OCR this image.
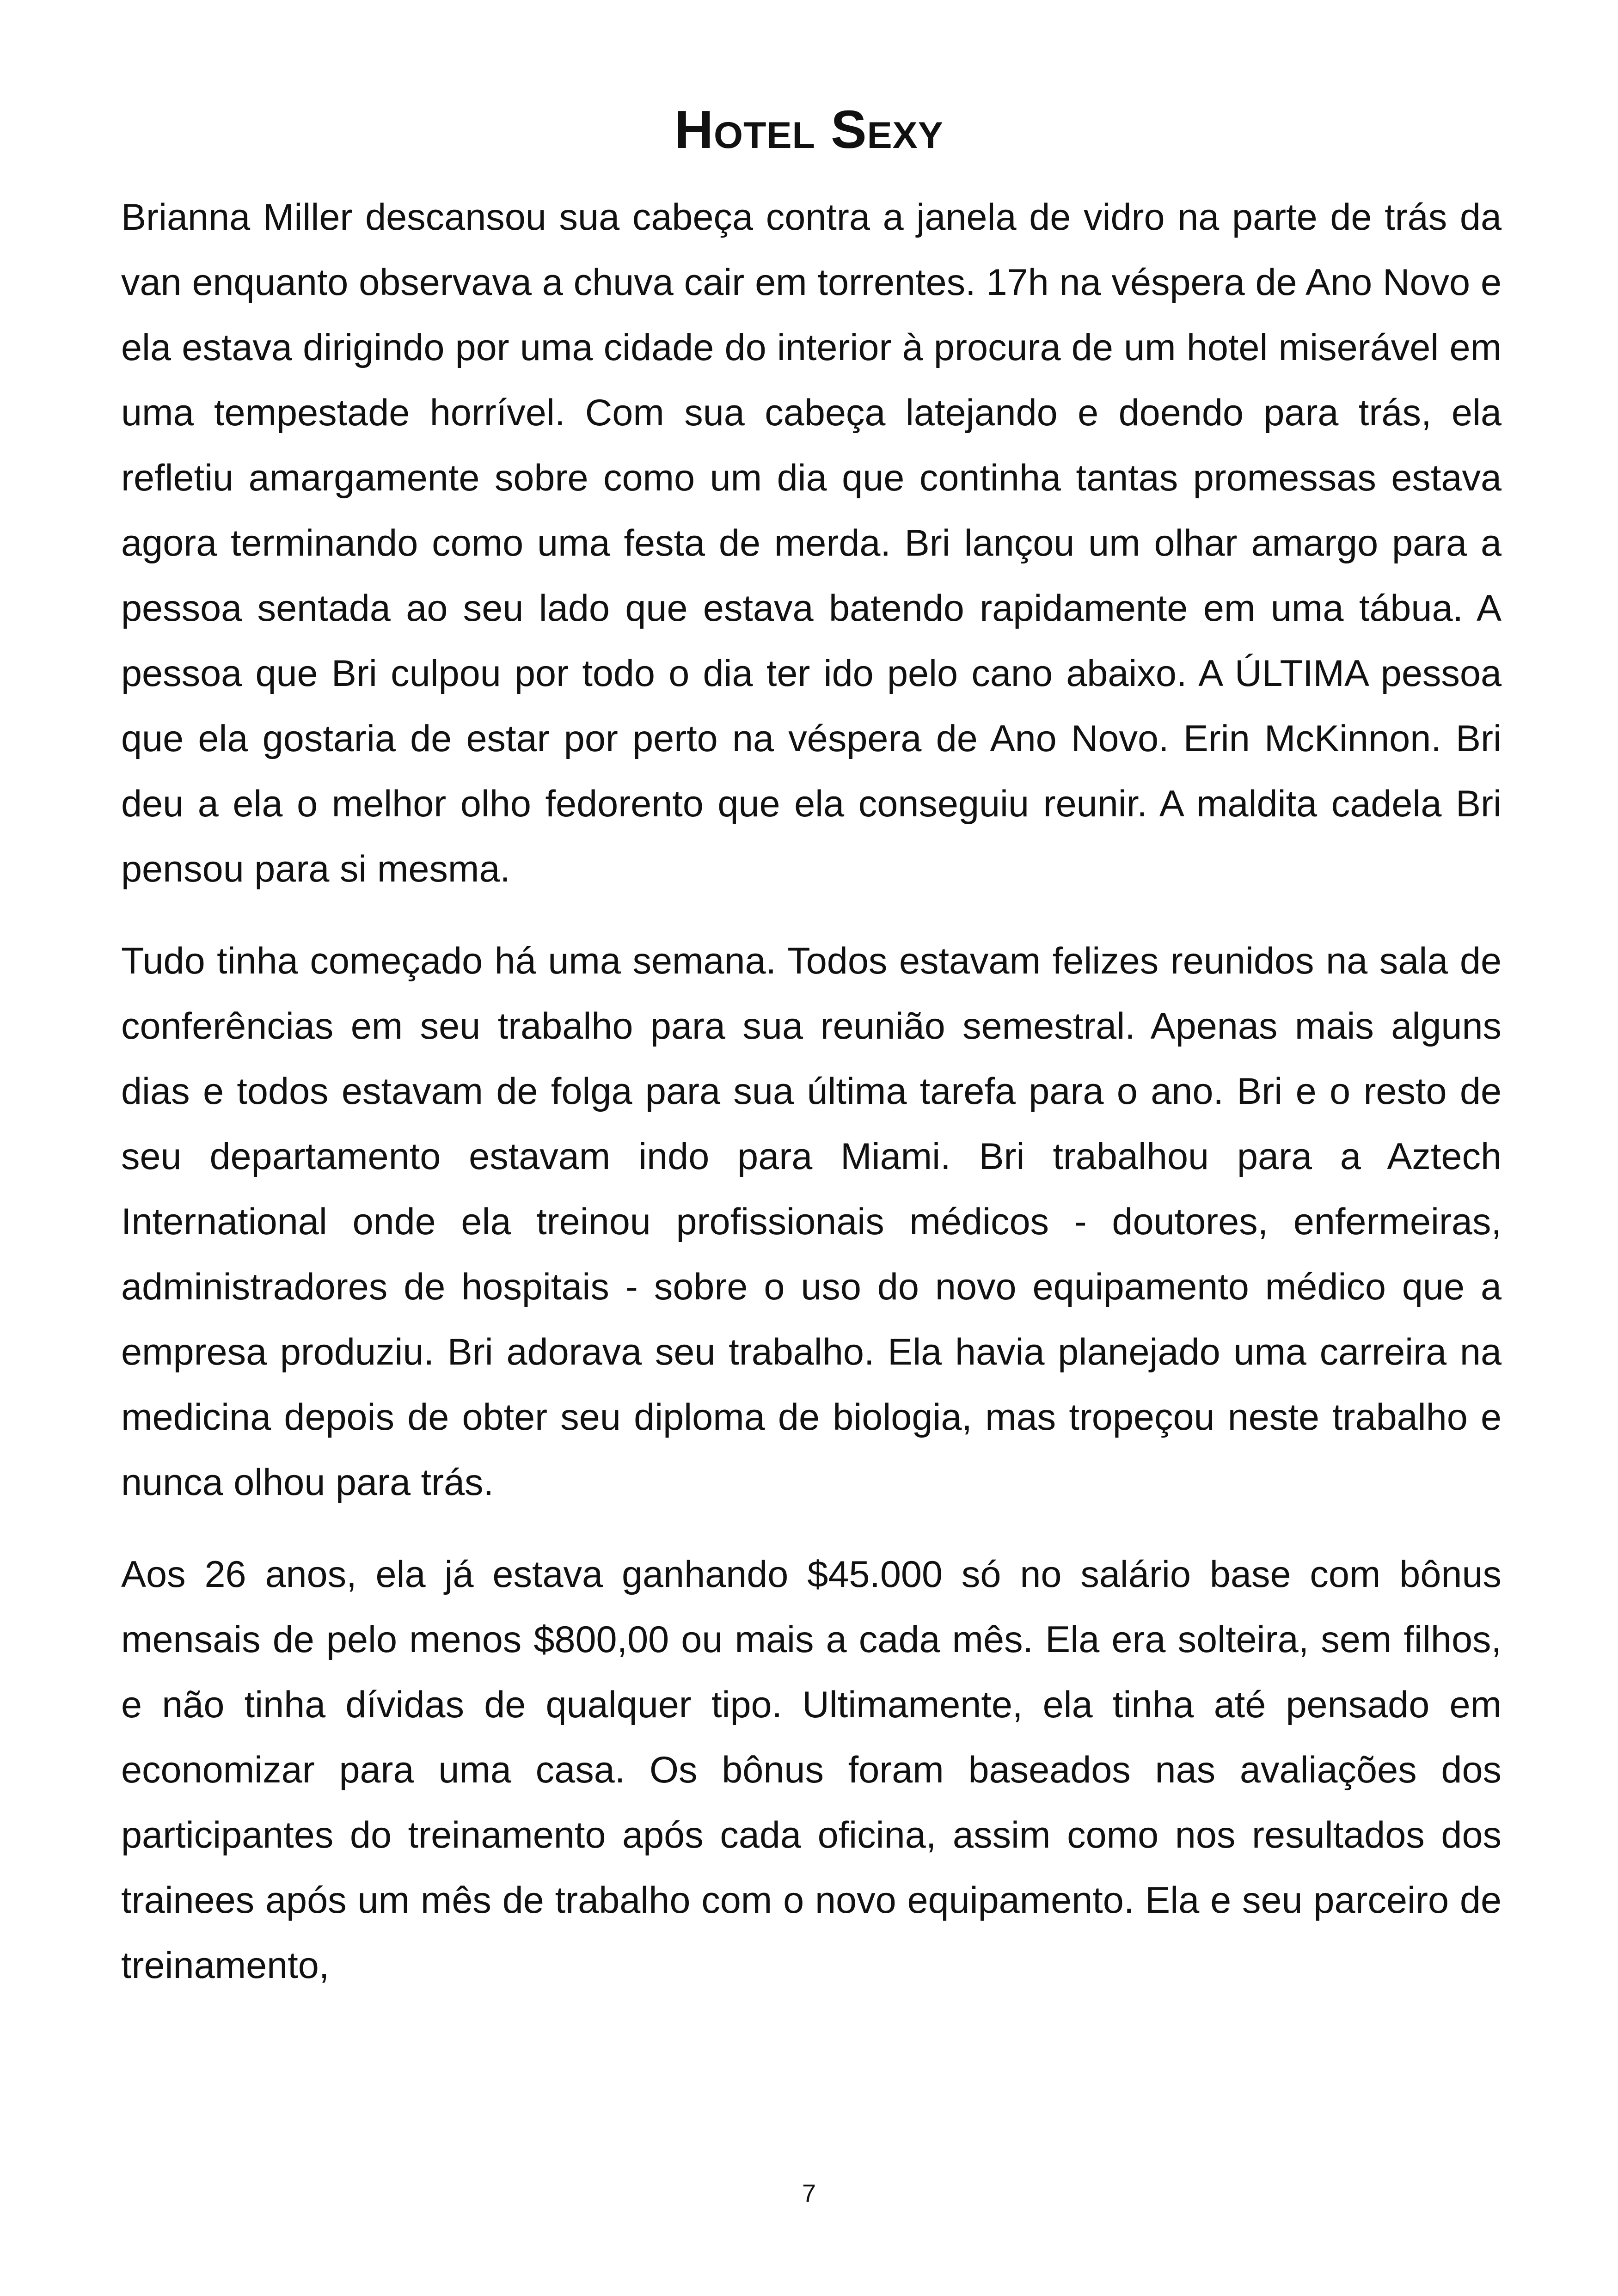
Hotel Sexy

Brianna Miller descansou sua cabeça contra a janela de vidro na parte de trás da van enquanto observava a chuva cair em torrentes. 17h na véspera de Ano Novo e ela estava dirigindo por uma cidade do interior à procura de um hotel miserável em uma tempestade horrível. Com sua cabeça latejando e doendo para trás, ela refletiu amargamente sobre como um dia que continha tantas promessas estava agora terminando como uma festa de merda. Bri lançou um olhar amargo para a pessoa sentada ao seu lado que estava batendo rapidamente em uma tábua. A pessoa que Bri culpou por todo o dia ter ido pelo cano abaixo. A ÚLTIMA pessoa que ela gostaria de estar por perto na véspera de Ano Novo. Erin McKinnon. Bri deu a ela o melhor olho fedorento que ela conseguiu reunir. A maldita cadela Bri pensou para si mesma.

Tudo tinha começado há uma semana. Todos estavam felizes reunidos na sala de conferências em seu trabalho para sua reunião semestral. Apenas mais alguns dias e todos estavam de folga para sua última tarefa para o ano. Bri e o resto de seu departamento estavam indo para Miami. Bri trabalhou para a Aztech International onde ela treinou profissionais médicos - doutores, enfermeiras, administradores de hospitais - sobre o uso do novo equipamento médico que a empresa produziu. Bri adorava seu trabalho. Ela havia planejado uma carreira na medicina depois de obter seu diploma de biologia, mas tropeçou neste trabalho e nunca olhou para trás.

Aos 26 anos, ela já estava ganhando $45.000 só no salário base com bônus mensais de pelo menos $800,00 ou mais a cada mês. Ela era solteira, sem filhos, e não tinha dívidas de qualquer tipo. Ultimamente, ela tinha até pensado em economizar para uma casa. Os bônus foram baseados nas avaliações dos participantes do treinamento após cada oficina, assim como nos resultados dos trainees após um mês de trabalho com o novo equipamento. Ela e seu parceiro de treinamento,

7
